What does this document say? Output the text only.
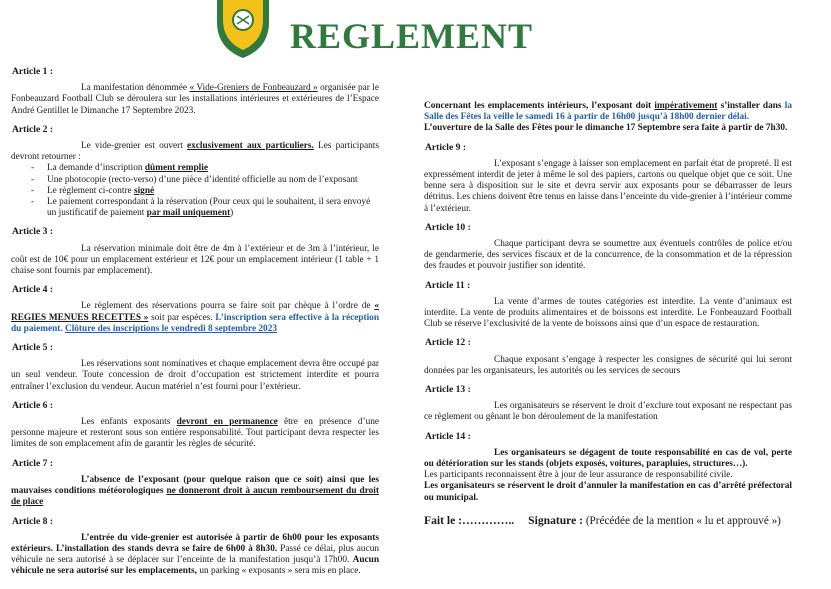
REGLEMENT
Article 1 :

La manifestation dénommée « Vide-Greniers de Fonbeauzard » organisée par le Fonbeauzard Football Club se déroulera sur les installations intérieures et extérieures de l’Espace André Gentillet le Dimanche 17 Septembre 2023.

Article 2 :

Le vide-grenier est ouvert exclusivement aux particuliers. Les participants devront retourner :

- La demande d’inscription dûment remplie
- Une photocopie (recto-verso) d’une pièce d’identité officielle au nom de l’exposant
- Le règlement ci-contre signé
- Le paiement correspondant à la réservation (Pour ceux qui le souhaitent, il sera envoyé un justificatif de paiement par mail uniquement)
Article 3 :

La réservation minimale doit être de 4m à l’extérieur et de 3m à l’intérieur, le coût est de 10€ pour un emplacement extérieur et 12€ pour un emplacement intérieur (1 table + 1 chaise sont fournis par emplacement).

Article 4 :

Le règlement des réservations pourra se faire soit par chèque à l’ordre de « REGIES MENUES RECETTES » soit par espèces. L’inscription sera effective à la réception du paiement. Clôture des inscriptions le vendredi 8 septembre 2023

Article 5 :

Les réservations sont nominatives et chaque emplacement devra être occupé par un seul vendeur. Toute concession de droit d’occupation est strictement interdite et pourra entraîner l’exclusion du vendeur. Aucun matériel n’est fourni pour l’extérieur.

Article 6 :

Les enfants exposants devront en permanence être en présence d’une personne majeure et resteront sous son entière responsabilité. Tout participant devra respecter les limites de son emplacement afin de garantir les règles de sécurité.

Article 7 :

L’absence de l’exposant (pour quelque raison que ce soit) ainsi que les mauvaises conditions météorologiques ne donneront droit à aucun remboursement du droit de place

Article 8 :

L’entrée du vide-grenier est autorisée à partir de 6h00 pour les exposants extérieurs. L’installation des stands devra se faire de 6h00 à 8h30. Passé ce délai, plus aucun véhicule ne sera autorisé à se déplacer sur l’enceinte de la manifestation jusqu’à 17h00. Aucun véhicule ne sera autorisé sur les emplacements, un parking « exposants » sera mis en place.

Concernant les emplacements intérieurs, l’exposant doit impérativement s’installer dans la Salle des Fêtes la veille le samedi 16 à partir de 16h00 jusqu’à 18h00 dernier délai.

L’ouverture de la Salle des Fêtes pour le dimanche 17 Septembre sera faite à partir de 7h30.

Article 9 :

L’exposant s’engage à laisser son emplacement en parfait état de propreté. Il est expressément interdit de jeter à même le sol des papiers, cartons ou quelque objet que ce soit. Une benne sera à disposition sur le site et devra servir aux exposants pour se débarrasser de leurs détritus. Les chiens doivent être tenus en laisse dans l’enceinte du vide-grenier à l’intérieur comme à l’extérieur.

Article 10 :

Chaque participant devra se soumettre aux éventuels contrôles de police et/ou de gendarmerie, des services fiscaux et de la concurrence, de la consommation et de la répression des fraudes et pouvoir justifier son identité.

Article 11 :

La vente d’armes de toutes catégories est interdite. La vente d’animaux est interdite. La vente de produits alimentaires et de boissons est interdite. Le Fonbeauzard Football Club se réserve l’exclusivité de la vente de boissons ainsi que d’un espace de restauration.

Article 12 :

Chaque exposant s’engage à respecter les consignes de sécurité qui lui seront données par les organisateurs, les autorités ou les services de secours

Article 13 :

Les organisateurs se réservent le droit d’exclure tout exposant ne respectant pas ce règlement ou gênant le bon déroulement de la manifestation

Article 14 :

Les organisateurs se dégagent de toute responsabilité en cas de vol, perte ou détérioration sur les stands (objets exposés, voitures, parapluies, structures…).

Les participants reconnaissent être à jour de leur assurance de responsabilité civile.

Les organisateurs se réservent le droit d’annuler la manifestation en cas d’arrêté préfectoral ou municipal.

Fait le :………….. Signature : (Précédée de la mention « lu et approuvé »)
